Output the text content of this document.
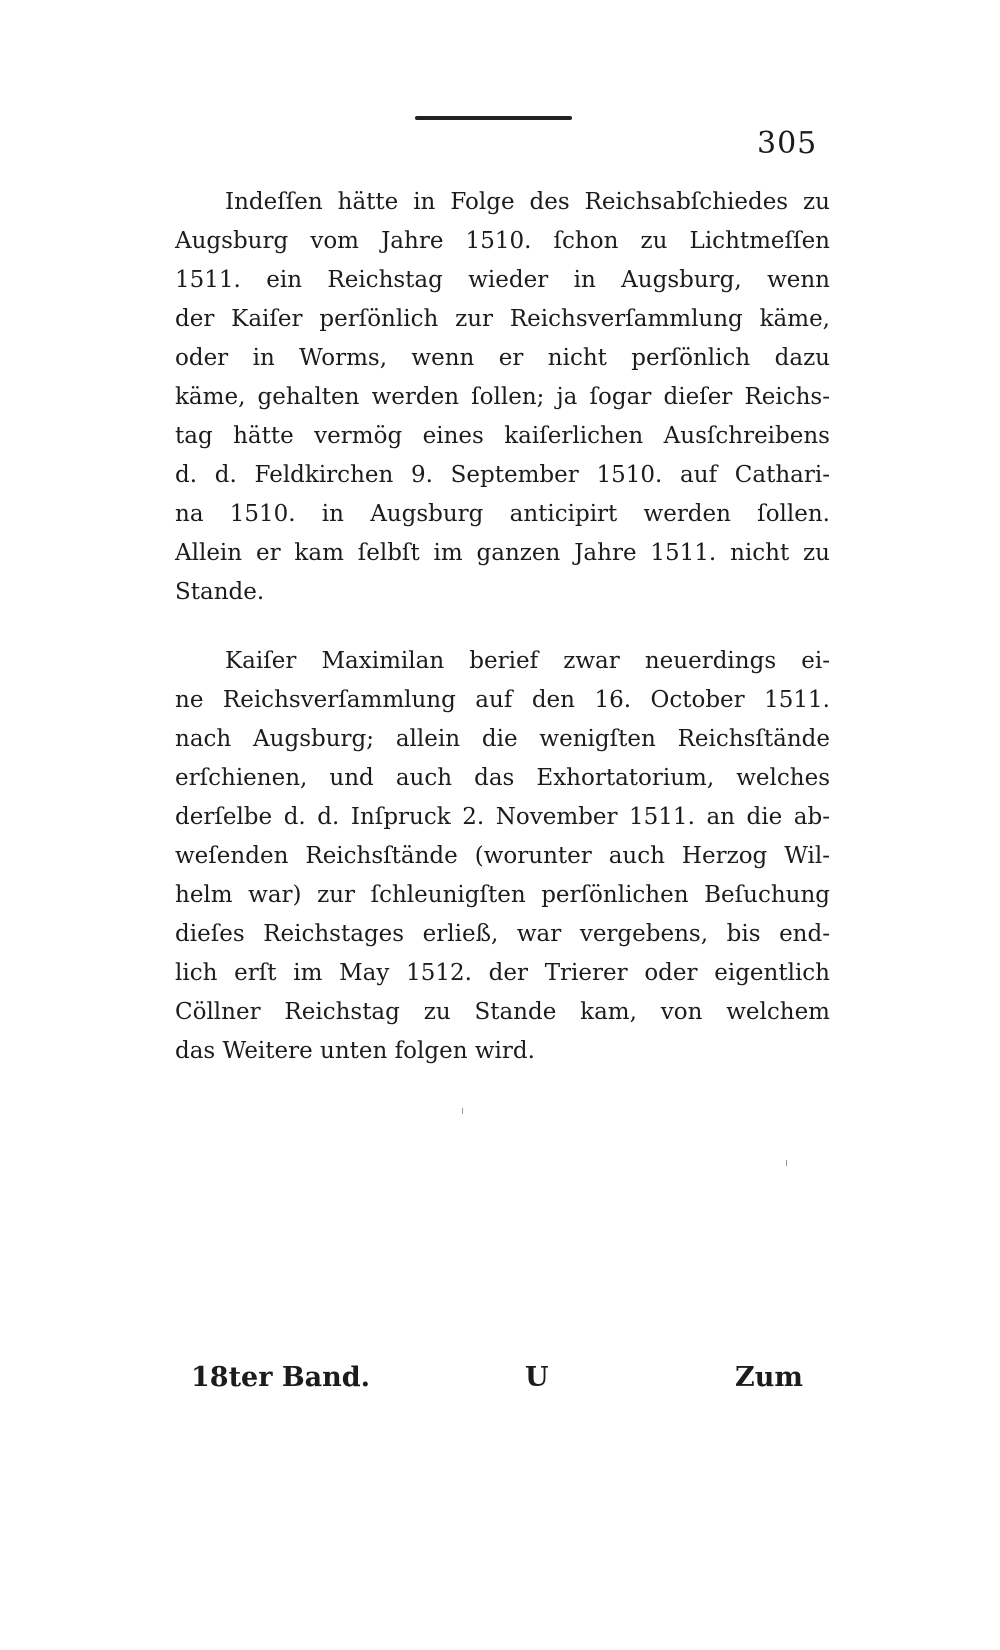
305
Indeſſen hätte in Folge des Reichsabſchiedes zu
Augsburg vom Jahre 1510. ſchon zu Lichtmeſſen
1511. ein Reichstag wieder in Augsburg, wenn
der Kaiſer perſönlich zur Reichsverſammlung käme,
oder in Worms, wenn er nicht perſönlich dazu
käme, gehalten werden ſollen; ja ſogar dieſer Reichs-
tag hätte vermög eines kaiſerlichen Ausſchreibens
d. d. Feldkirchen 9. September 1510. auf Cathari-
na 1510. in Augsburg anticipirt werden ſollen.
Allein er kam ſelbſt im ganzen Jahre 1511. nicht zu
Stande.
Kaiſer Maximilan berief zwar neuerdings ei-
ne Reichsverſammlung auf den 16. October 1511.
nach Augsburg; allein die wenigſten Reichsſtände
erſchienen, und auch das Exhortatorium, welches
derſelbe d. d. Inſpruck 2. November 1511. an die ab-
weſenden Reichsſtände (worunter auch Herzog Wil-
helm war) zur ſchleunigſten perſönlichen Beſuchung
dieſes Reichstages erließ, war vergebens, bis end-
lich erſt im May 1512. der Trierer oder eigentlich
Cöllner Reichstag zu Stande kam, von welchem
das Weitere unten folgen wird.
18ter Band.	U	Zum
